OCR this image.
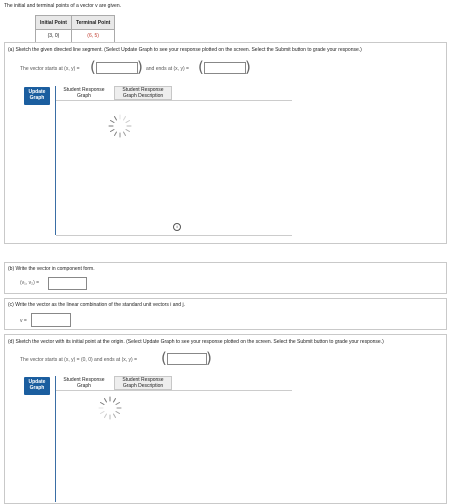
The initial and terminal points of a vector v are given.
Initial Point	Terminal Point
(3, 0)	(6, 5)
(a) Sketch the given directed line segment. (Select Update Graph to see your response plotted on the screen. Select the Submit button to grade your response.)
The vector starts at (x, y) = (	) and ends at (x, y) = (	)
Update
Graph
Student Response
Graph
Student Response
Graph Description
i
(b) Write the vector in component form.
(v₁, v₂) =
(c) Write the vector as the linear combination of the standard unit vectors i and j.
v =
(d) Sketch the vector with its initial point at the origin. (Select Update Graph to see your response plotted on the screen. Select the Submit button to grade your response.)
The vector starts at (x, y) = (0, 0) and ends at (x, y) = (	)
Update
Graph
Student Response
Graph
Student Response
Graph Description
